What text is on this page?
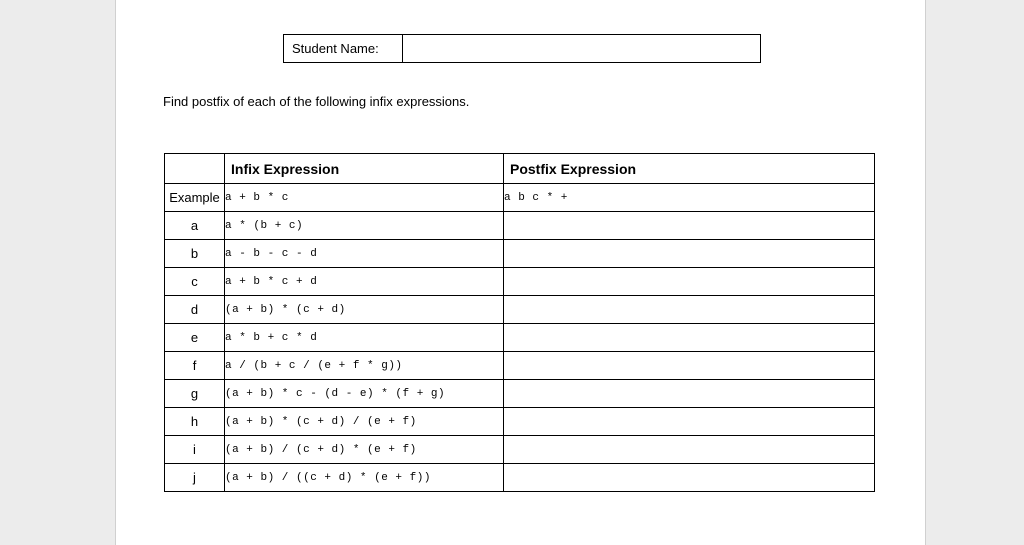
Student Name:
Find postfix of each of the following infix expressions.
	Infix Expression	Postfix Expression
Example	a + b * c	a b c * +
a	a * (b + c)	
b	a - b - c - d	
c	a + b * c + d	
d	(a + b) * (c + d)	
e	a * b + c * d	
f	a / (b + c / (e + f * g))	
g	(a + b) * c - (d - e) * (f + g)	
h	(a + b) * (c + d) / (e + f)	
i	(a + b) / (c + d) * (e + f)	
j	(a + b) / ((c + d) * (e + f))	
